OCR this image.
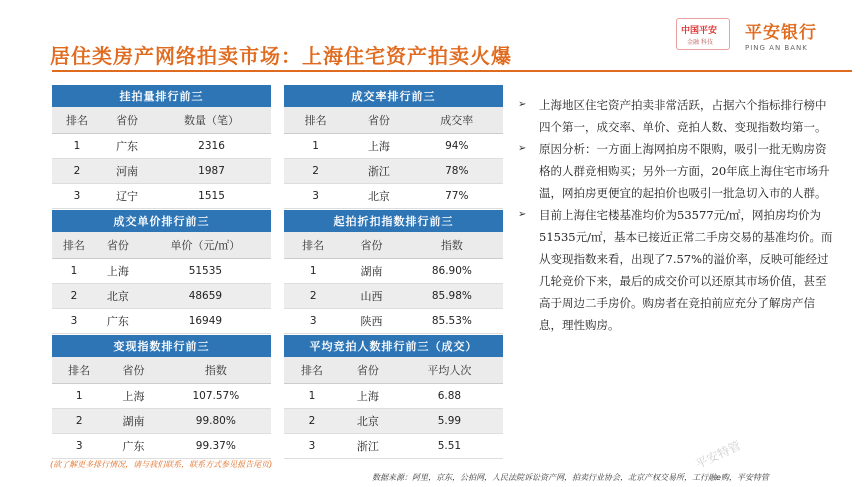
居住类房产网络拍卖市场：上海住宅资产拍卖火爆
中国平安
金融 科技 平安银行
PING AN BANK
挂拍量排行前三		
排名	省份	数量（笔）
1	广东	2316
2	河南	1987
3	辽宁	1515
成交率排行前三		
排名	省份	成交率
1	上海	94%
2	浙江	78%
3	北京	77%
成交单价排行前三		
排名	省份	单价（元/㎡）
1	上海	51535
2	北京	48659
3	广东	16949
起拍折扣指数排行前三		
排名	省份	指数
1	湖南	86.90%
2	山西	85.98%
3	陕西	85.53%
变现指数排行前三		
排名	省份	指数
1	上海	107.57%
2	湖南	99.80%
3	广东	99.37%
平均竞拍人数排行前三（成交）		
排名	省份	平均人次
1	上海	6.88
2	北京	5.99
3	浙江	5.51
➢ 上海地区住宅资产拍卖非常活跃，占据六个指标排行榜中四个第一，成交率、单价、竞拍人数、变现指数均第一。
➢ 原因分析：一方面上海网拍房不限购，吸引一批无购房资格的人群竞相购买；另外一方面，20年底上海住宅市场升温，网拍房更便宜的起拍价也吸引一批急切入市的人群。
➢ 目前上海住宅楼基准均价为53577元/㎡，网拍房均价为51535元/㎡，基本已接近正常二手房交易的基准均价。而从变现指数来看，出现了7.57%的溢价率，反映可能经过几轮竞价下来，最后的成交价可以还原其市场价值，甚至高于周边二手房价。购房者在竞拍前应充分了解房产信息，理性购房。
(欲了解更多排行情况，请与我们联系，联系方式参见报告尾页)
数据来源：阿里，京东，公拍网，人民法院诉讼资产网，拍卖行业协会，北京产权交易所，工行融e购，平安特管
平安特管
